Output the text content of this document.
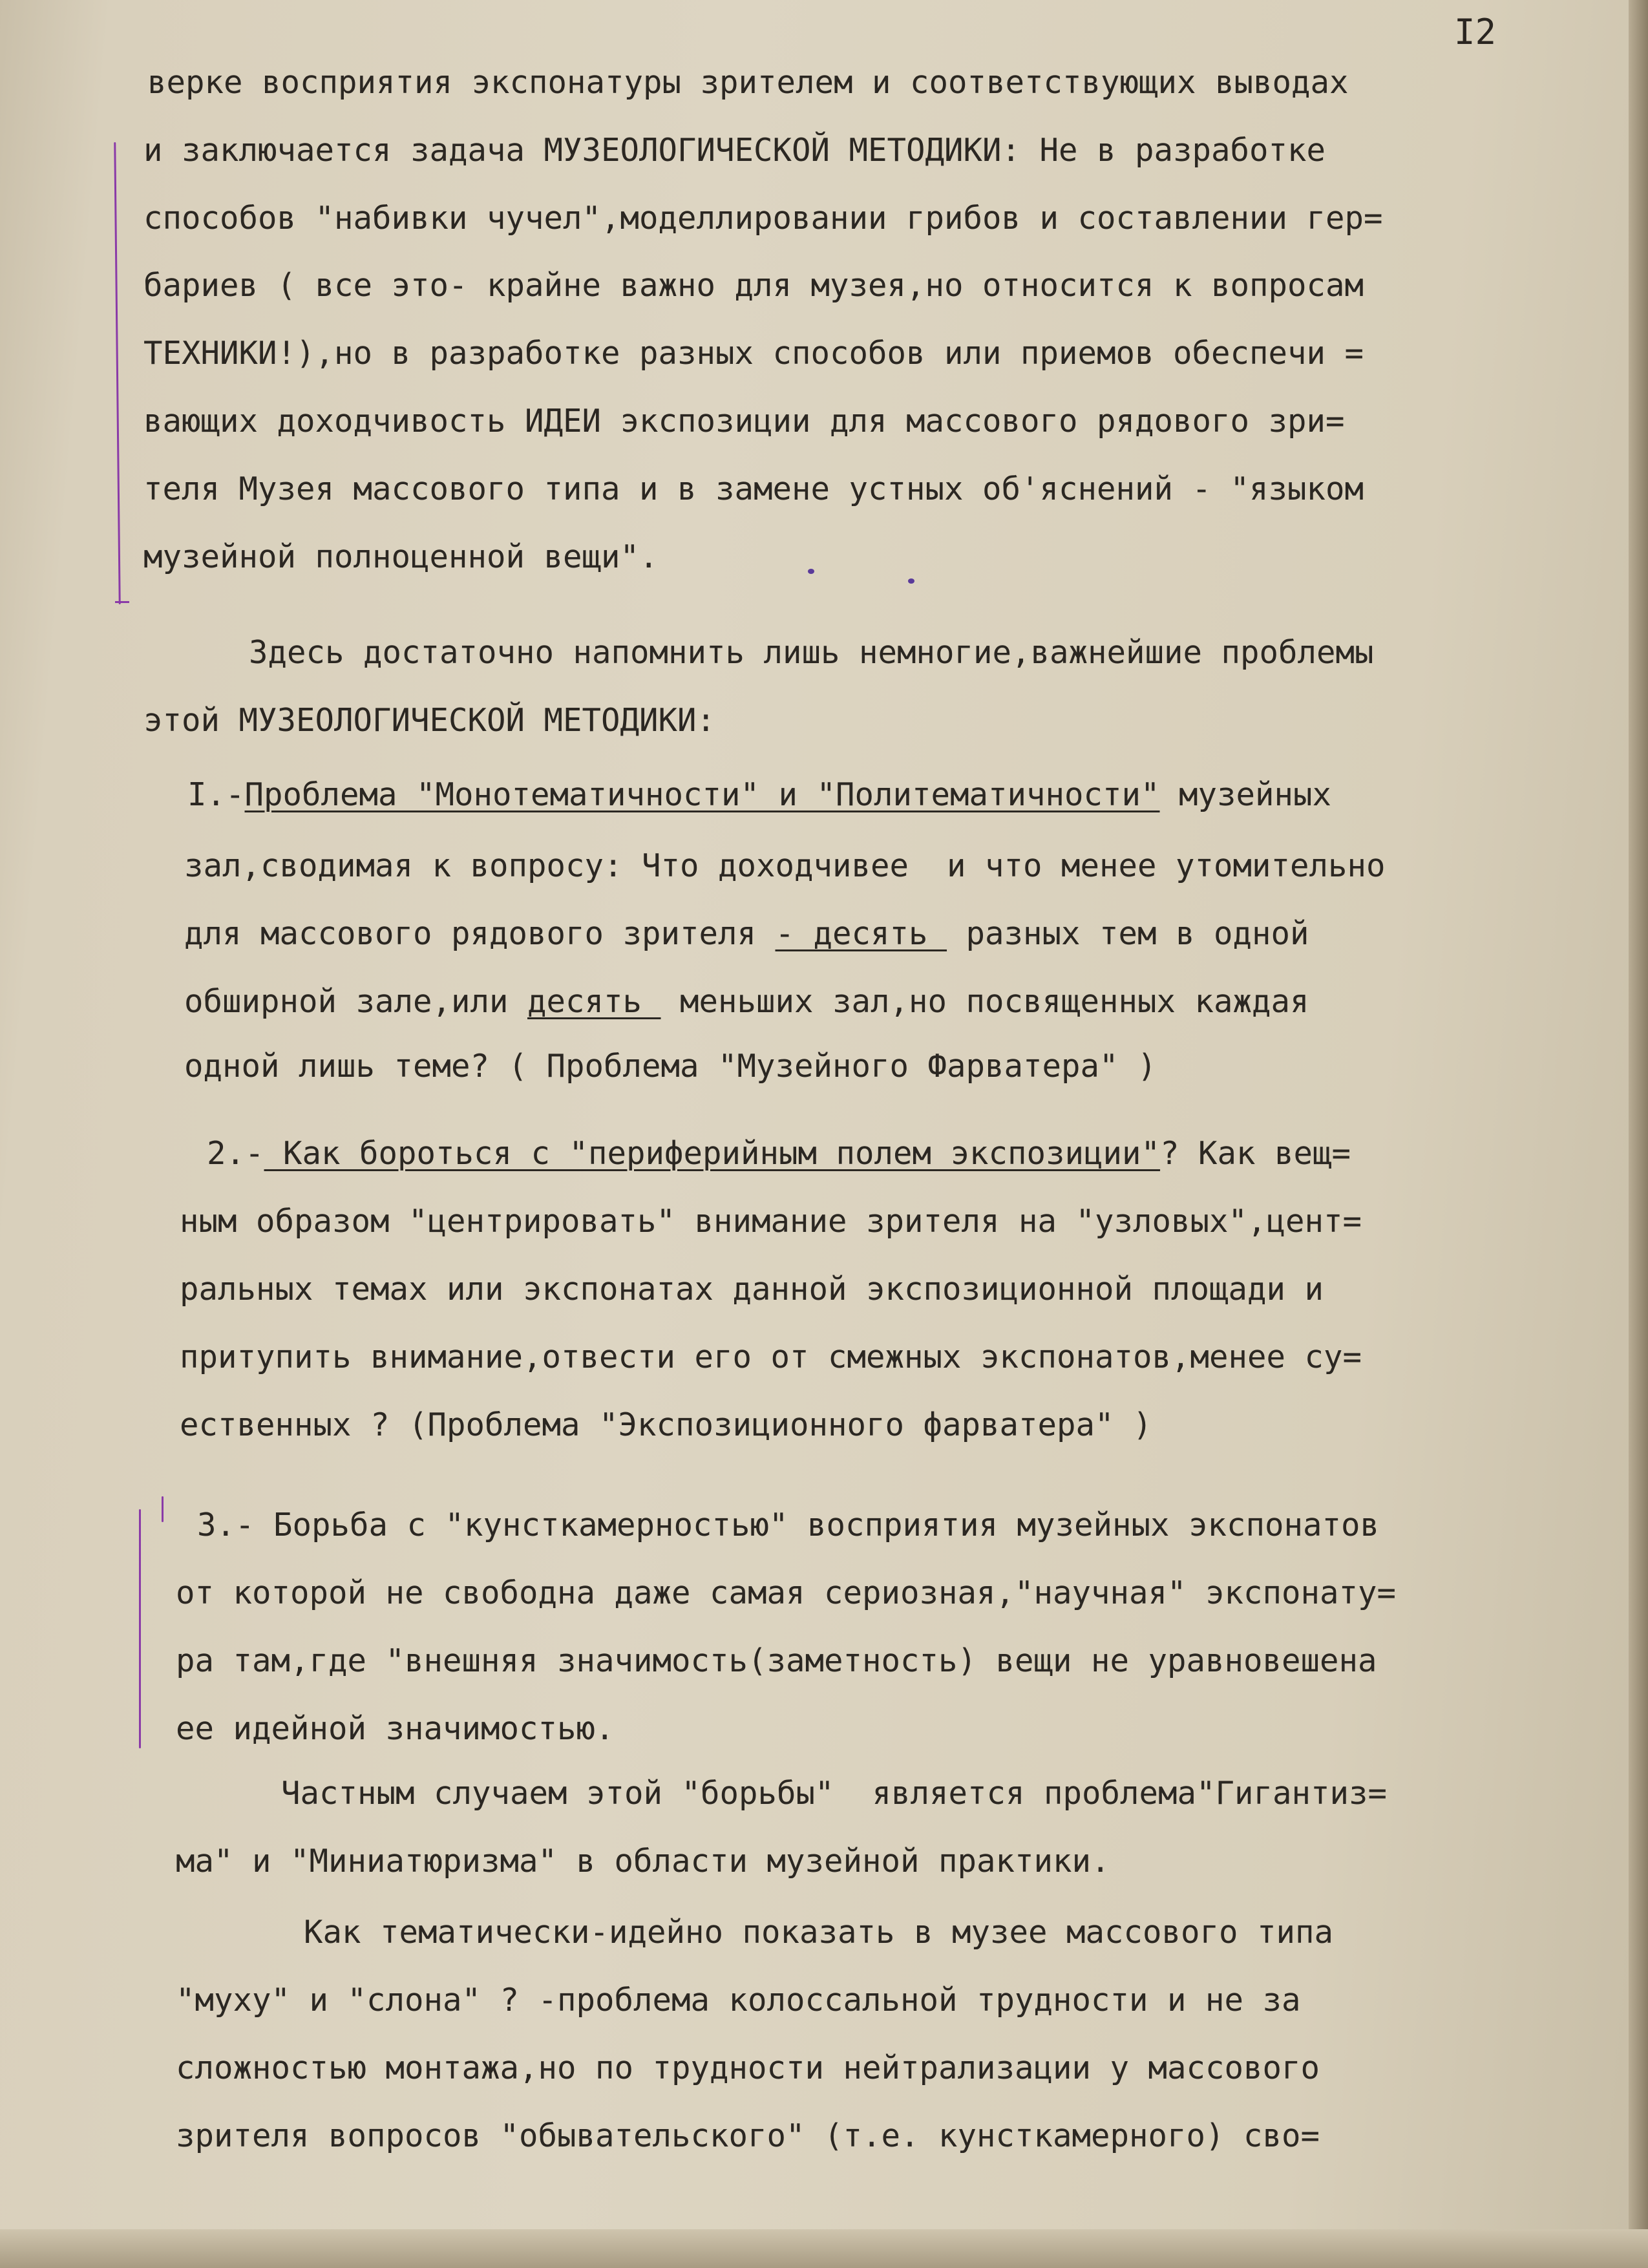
I2
верке восприятия экспонатуры зрителем и соответствующих выводах
и заключается задача МУЗЕОЛОГИЧЕСКОЙ МЕТОДИКИ: Не в разработке
способов "набивки чучел",моделлировании грибов и составлении гер=
бариев ( все это- крайне важно для музея,но относится к вопросам
ТЕХНИКИ!),но в разработке разных способов или приемов обеспечи =
вающих доходчивость ИДЕИ экспозиции для массового рядового зри=
теля Музея массового типа и в замене устных об'яснений - "языком
музейной полноценной вещи".
Здесь достаточно напомнить лишь немногие,важнейшие проблемы
этой МУЗЕОЛОГИЧЕСКОЙ МЕТОДИКИ:
I.-Проблема "Монотематичности" и "Политематичности" музейных
зал,сводимая к вопросу: Что доходчивее  и что менее утомительно
для массового рядового зрителя - десять  разных тем в одной
обширной зале,или десять  меньших зал,но посвященных каждая
одной лишь теме? ( Проблема "Музейного Фарватера" )
2.- Как бороться с "периферийным полем экспозиции"? Как вещ=
ным образом "центрировать" внимание зрителя на "узловых",цент=
ральных темах или экспонатах данной экспозиционной площади и
притупить внимание,отвести его от смежных экспонатов,менее су=
ественных ? (Проблема "Экспозиционного фарватера" )
3.- Борьба с "кунсткамерностью" восприятия музейных экспонатов
от которой не свободна даже самая сериозная,"научная" экспонату=
ра там,где "внешняя значимость(заметность) вещи не уравновешена
ее идейной значимостью.
Частным случаем этой "борьбы"  является проблема"Гигантиз=
ма" и "Миниатюризма" в области музейной практики.
Как тематически-идейно показать в музее массового типа
"муху" и "слона" ? -проблема колоссальной трудности и не за
сложностью монтажа,но по трудности нейтрализации у массового
зрителя вопросов "обывательского" (т.е. кунсткамерного) сво=
